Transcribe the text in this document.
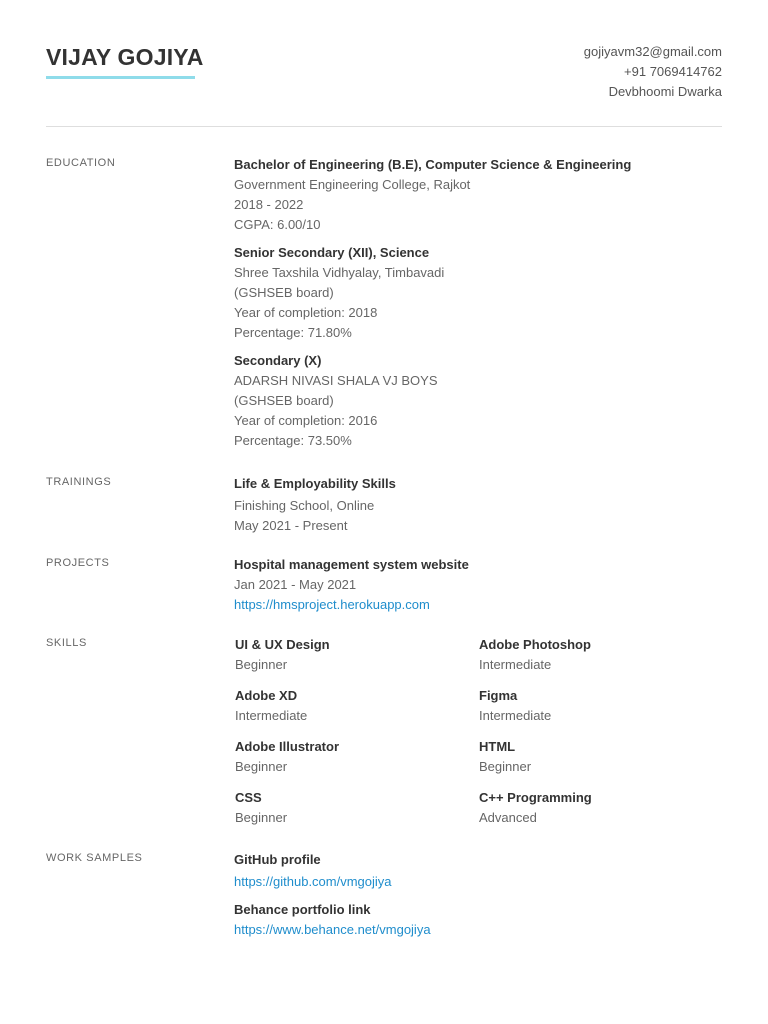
VIJAY GOJIYA	gojiyavm32@gmail.com
+91 7069414762
Devbhoomi Dwarka
EDUCATION	Bachelor of Engineering (B.E), Computer Science & Engineering
Government Engineering College, Rajkot
2018 - 2022
CGPA: 6.00/10
Senior Secondary (XII), Science
Shree Taxshila Vidhyalay, Timbavadi
(GSHSEB board)
Year of completion: 2018
Percentage: 71.80%
Secondary (X)
ADARSH NIVASI SHALA VJ BOYS
(GSHSEB board)
Year of completion: 2016
Percentage: 73.50%
TRAININGS	Life & Employability Skills
Finishing School, Online
May 2021 - Present
PROJECTS	Hospital management system website
Jan 2021 - May 2021
https://hmsproject.herokuapp.com
SKILLS	UI & UX Design
Beginner
Adobe Photoshop
Intermediate
Adobe XD
Intermediate
Figma
Intermediate
Adobe Illustrator
Beginner
HTML
Beginner
CSS
Beginner
C++ Programming
Advanced
WORK SAMPLES	GitHub profile
https://github.com/vmgojiya
Behance portfolio link
https://www.behance.net/vmgojiya
